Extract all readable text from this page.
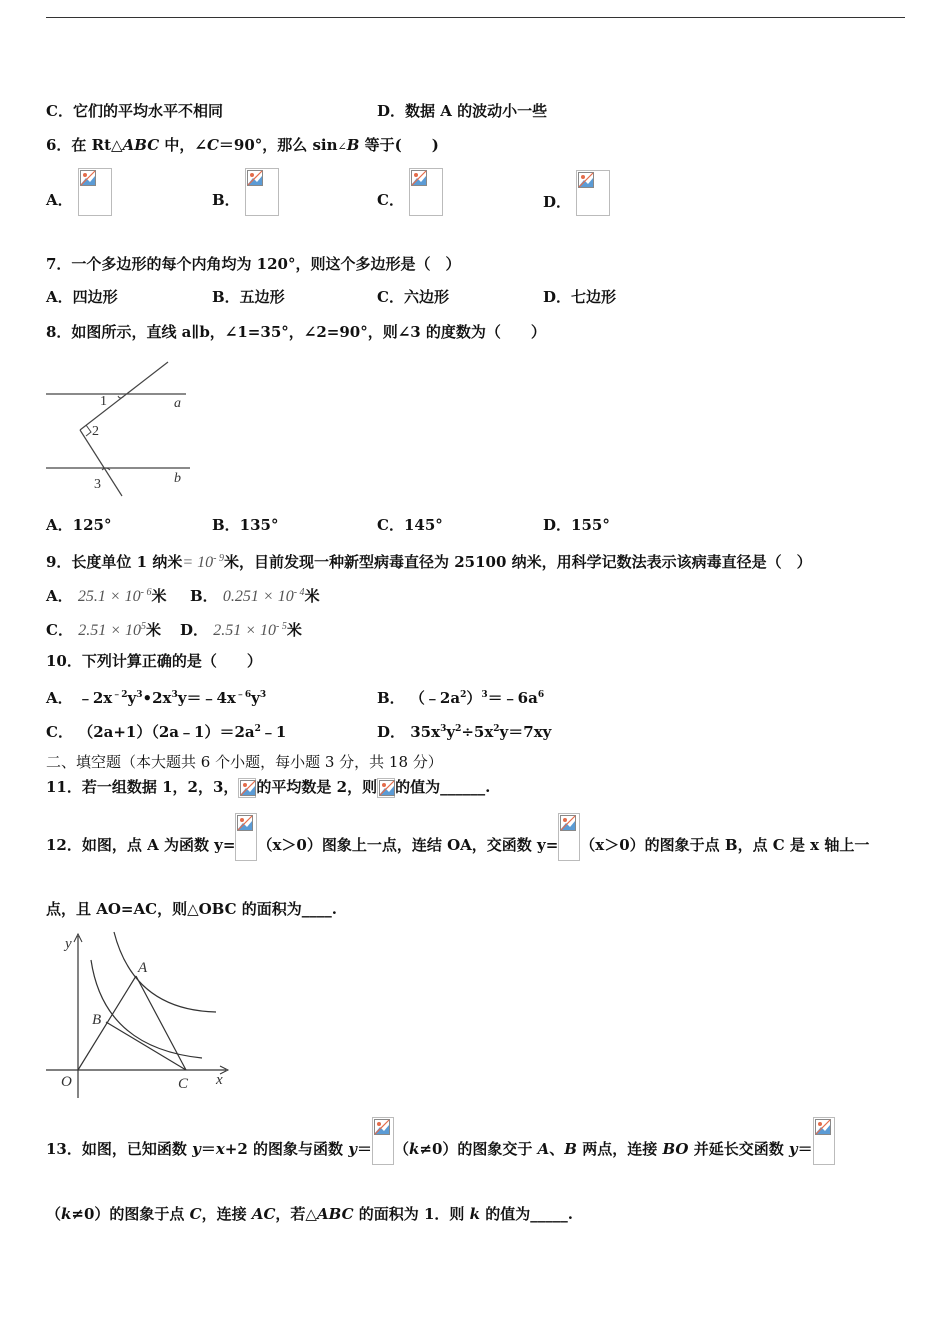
C．它们的平均水平不相同	D．数据 A 的波动小一些
6．在 Rt△ABC 中，∠C＝90°，那么 sin∠B 等于(　　)
A．	B．	C．	D．
7．一个多边形的每个内角均为 120°，则这个多边形是（　）
A．四边形	B．五边形	C．六边形	D．七边形
8．如图所示，直线 a∥b，∠1=35°，∠2=90°，则∠3 的度数为（　　）
1
2
3
a
b
A．125°	B．135°	C．145°	D．155°
9．长度单位 1 纳米= $10^{- 9}$米，目前发现一种新型病毒直径为 25100 纳米，用科学记数法表示该病毒直径是（　）
A． $25.1 \times 10^{- 6}$米 B． $0.251 \times 10^{- 4}$米
C． $2.51 \times 10^5$米 D． $2.51 \times 10^{- 5}$米
10．下列计算正确的是（　　）
A． $﹣2x^{﹣2}y^3•2x^3y=﹣4x^{﹣6}y^3$	B． $(﹣2a^2)^3=﹣6a^6$
C． $(2a+1)(2a﹣1)=2a^2﹣1$	D． $35x^3y^2\div 5x^2y=7xy$
二、填空题（本大题共 6 个小题，每小题 3 分，共 18 分）
11．若一组数据 1，2，3， 的平均数是 2，则 的值为______.
12．如图，点 A 为函数 y= （x＞0）图象上一点，连结 OA，交函数 y= （x＞0）的图象于点 B，点 C 是 x 轴上一
点，且 AO=AC，则△OBC 的面积为____.
y
A
B
O	C x
13．如图，已知函数 y＝x+2 的图象与函数 y＝ （k≠0）的图象交于 A、B 两点，连接 BO 并延长交函数 y＝
（k≠0）的图象于点 C，连接 AC，若△ABC 的面积为 1．则 k 的值为_____.
